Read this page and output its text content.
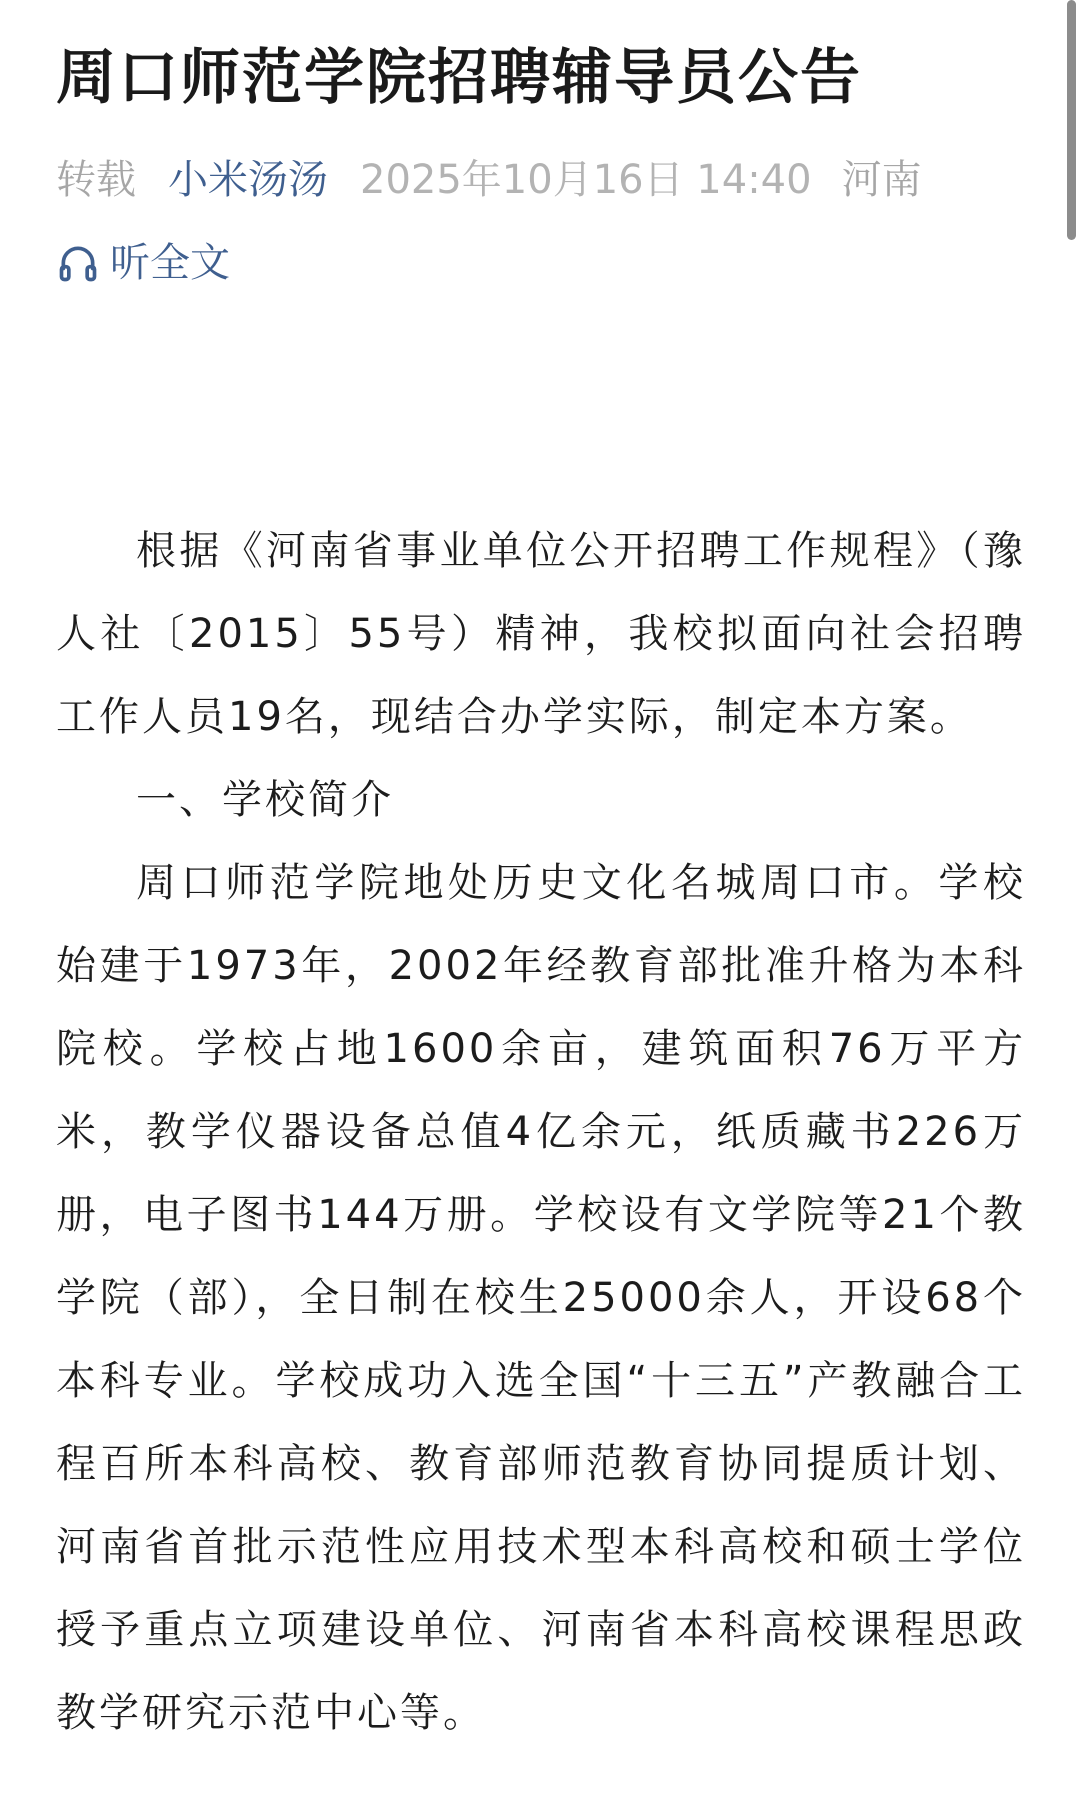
周口师范学院招聘辅导员公告
转载 小米汤汤 2025年10月16日 14:40 河南
听全文

根据《河南省事业单位公开招聘工作规程》（豫人社〔2015〕55号）精神，我校拟面向社会招聘工作人员19名，现结合办学实际，制定本方案。

一、学校简介

周口师范学院地处历史文化名城周口市。学校始建于1973年，2002年经教育部批准升格为本科院校。学校占地1600余亩，建筑面积76万平方米，教学仪器设备总值4亿余元，纸质藏书226万册，电子图书144万册。学校设有文学院等21个教学院（部），全日制在校生25000余人，开设68个本科专业。学校成功入选全国“十三五”产教融合工程百所本科高校、教育部师范教育协同提质计划、河南省首批示范性应用技术型本科高校和硕士学位授予重点立项建设单位、河南省本科高校课程思政教学研究示范中心等。
